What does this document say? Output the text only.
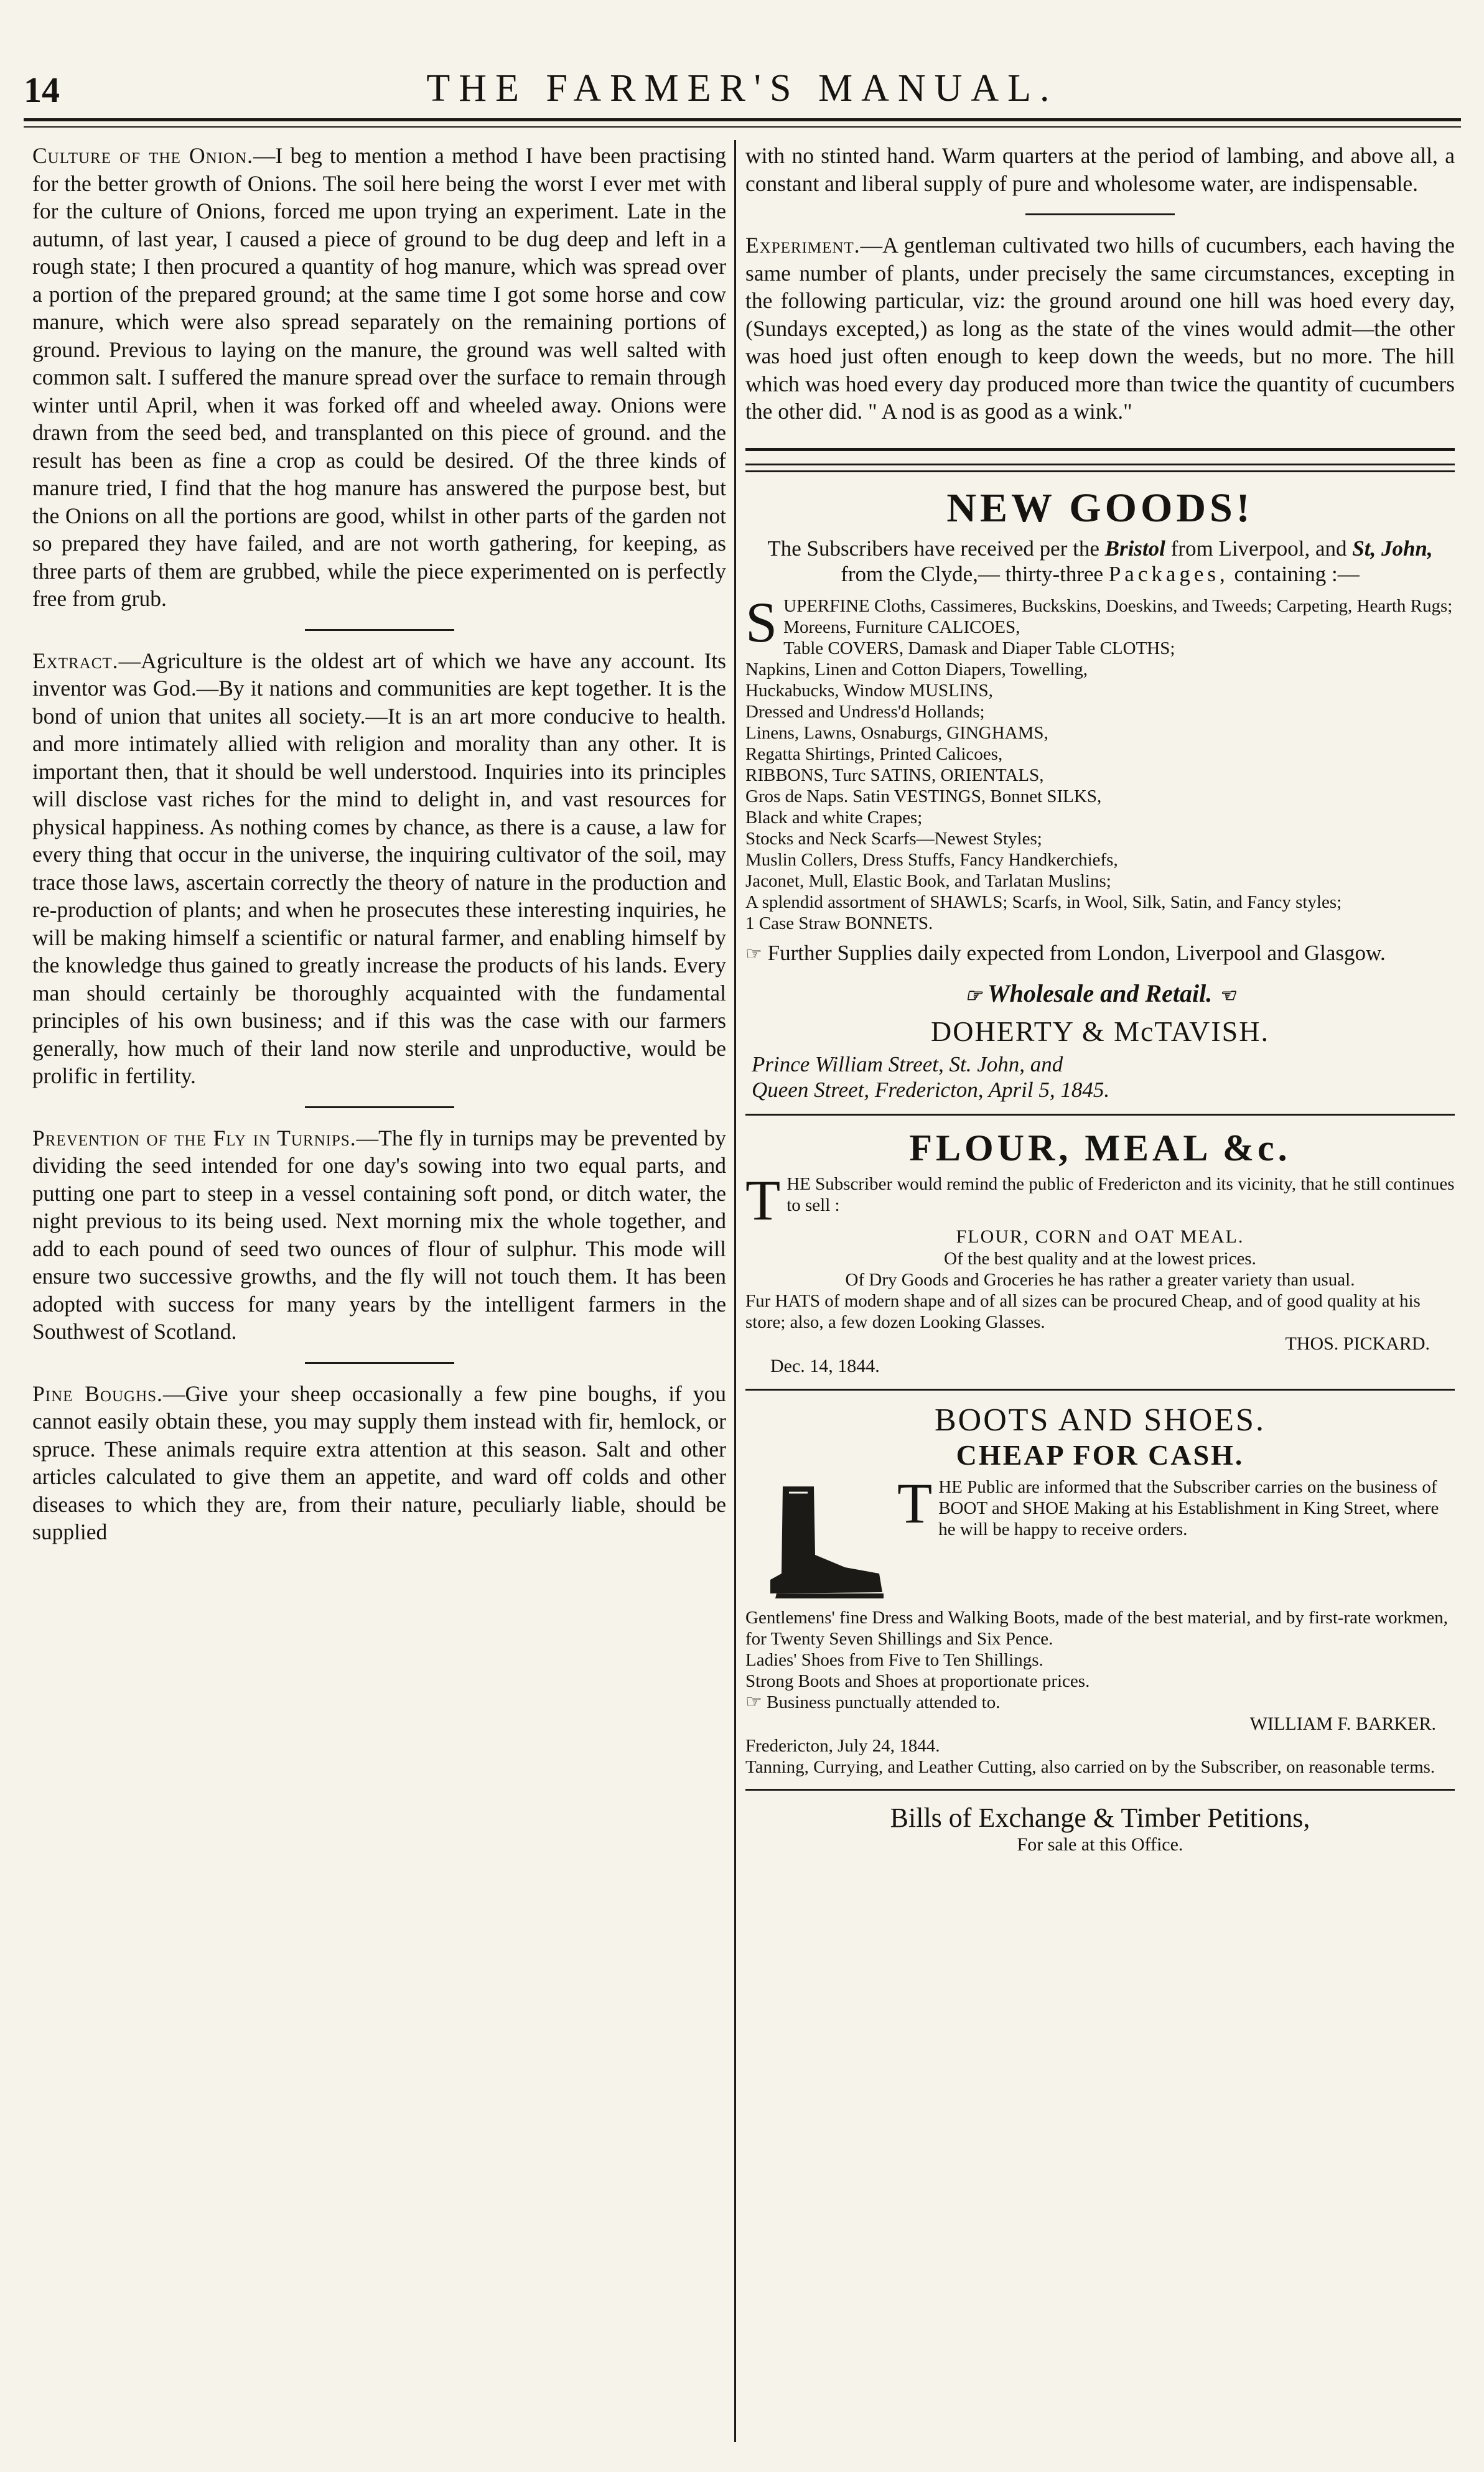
14	THE FARMER'S MANUAL.

Culture of the Onion.—I beg to mention a method I have been practising for the better growth of Onions. The soil here being the worst I ever met with for the culture of Onions, forced me upon trying an experiment. Late in the autumn, of last year, I caused a piece of ground to be dug deep and left in a rough state; I then procured a quantity of hog manure, which was spread over a portion of the prepared ground; at the same time I got some horse and cow manure, which were also spread separately on the remaining portions of ground. Previous to laying on the manure, the ground was well salted with common salt. I suffered the manure spread over the surface to remain through winter until April, when it was forked off and wheeled away. Onions were drawn from the seed bed, and transplanted on this piece of ground. and the result has been as fine a crop as could be desired. Of the three kinds of manure tried, I find that the hog manure has answered the purpose best, but the Onions on all the portions are good, whilst in other parts of the garden not so prepared they have failed, and are not worth gathering, for keeping, as three parts of them are grubbed, while the piece experimented on is perfectly free from grub.

Extract.—Agriculture is the oldest art of which we have any account. Its inventor was God.—By it nations and communities are kept together. It is the bond of union that unites all society.—It is an art more conducive to health. and more intimately allied with religion and morality than any other. It is important then, that it should be well understood. Inquiries into its principles will disclose vast riches for the mind to delight in, and vast resources for physical happiness. As nothing comes by chance, as there is a cause, a law for every thing that occur in the universe, the inquiring cultivator of the soil, may trace those laws, ascertain correctly the theory of nature in the production and re-production of plants; and when he prosecutes these interesting inquiries, he will be making himself a scientific or natural farmer, and enabling himself by the knowledge thus gained to greatly increase the products of his lands. Every man should certainly be thoroughly acquainted with the fundamental principles of his own business; and if this was the case with our farmers generally, how much of their land now sterile and unproductive, would be prolific in fertility.

Prevention of the Fly in Turnips.—The fly in turnips may be prevented by dividing the seed intended for one day's sowing into two equal parts, and putting one part to steep in a vessel containing soft pond, or ditch water, the night previous to its being used. Next morning mix the whole together, and add to each pound of seed two ounces of flour of sulphur. This mode will ensure two successive growths, and the fly will not touch them. It has been adopted with success for many years by the intelligent farmers in the Southwest of Scotland.

Pine Boughs.—Give your sheep occasionally a few pine boughs, if you cannot easily obtain these, you may supply them instead with fir, hemlock, or spruce. These animals require extra attention at this season. Salt and other articles calculated to give them an appetite, and ward off colds and other diseases to which they are, from their nature, peculiarly liable, should be supplied

with no stinted hand. Warm quarters at the period of lambing, and above all, a constant and liberal supply of pure and wholesome water, are indispensable.

Experiment.—A gentleman cultivated two hills of cucumbers, each having the same number of plants, under precisely the same circumstances, excepting in the following particular, viz: the ground around one hill was hoed every day, (Sundays excepted,) as long as the state of the vines would admit—the other was hoed just often enough to keep down the weeds, but no more. The hill which was hoed every day produced more than twice the quantity of cucumbers the other did. " A nod is as good as a wink."

NEW GOODS!
The Subscribers have received per the Bristol from Liverpool, and St, John, from the Clyde,— thirty-three Packages, containing :—
S UPERFINE Cloths, Cassimeres, Buckskins, Doeskins, and Tweeds; Carpeting, Hearth Rugs;
Moreens, Furniture CALICOES,
Table COVERS, Damask and Diaper Table CLOTHS;
Napkins, Linen and Cotton Diapers, Towelling,
Huckabucks, Window MUSLINS,
Dressed and Undress'd Hollands;
Linens, Lawns, Osnaburgs, GINGHAMS,
Regatta Shirtings, Printed Calicoes,
RIBBONS, Turc SATINS, ORIENTALS,
Gros de Naps. Satin VESTINGS, Bonnet SILKS,
Black and white Crapes;
Stocks and Neck Scarfs—Newest Styles;
Muslin Collers, Dress Stuffs, Fancy Handkerchiefs,
Jaconet, Mull, Elastic Book, and Tarlatan Muslins;
A splendid assortment of SHAWLS; Scarfs, in Wool, Silk, Satin, and Fancy styles;
1 Case Straw BONNETS.
☞ Further Supplies daily expected from London, Liverpool and Glasgow.
☞ Wholesale and Retail. ☜
DOHERTY & McTAVISH.
Prince William Street, St. John, and
Queen Street, Fredericton, April 5, 1845.
FLOUR, MEAL &c.
T HE Subscriber would remind the public of Fredericton and its vicinity, that he still continues to sell :
FLOUR, CORN and OAT MEAL.
Of the best quality and at the lowest prices.
Of Dry Goods and Groceries he has rather a greater variety than usual.
Fur HATS of modern shape and of all sizes can be procured Cheap, and of good quality at his store; also, a few dozen Looking Glasses.
THOS. PICKARD.
Dec. 14, 1844.
BOOTS AND SHOES.
CHEAP FOR CASH.
T HE Public are informed that the Subscriber carries on the business of BOOT and SHOE Making at his Establishment in King Street, where he will be happy to receive orders.
Gentlemens' fine Dress and Walking Boots, made of the best material, and by first-rate workmen, for Twenty Seven Shillings and Six Pence.
Ladies' Shoes from Five to Ten Shillings.
Strong Boots and Shoes at proportionate prices.
☞ Business punctually attended to.
WILLIAM F. BARKER.
Fredericton, July 24, 1844.
Tanning, Currying, and Leather Cutting, also carried on by the Subscriber, on reasonable terms.
Bills of Exchange & Timber Petitions,
For sale at this Office.
